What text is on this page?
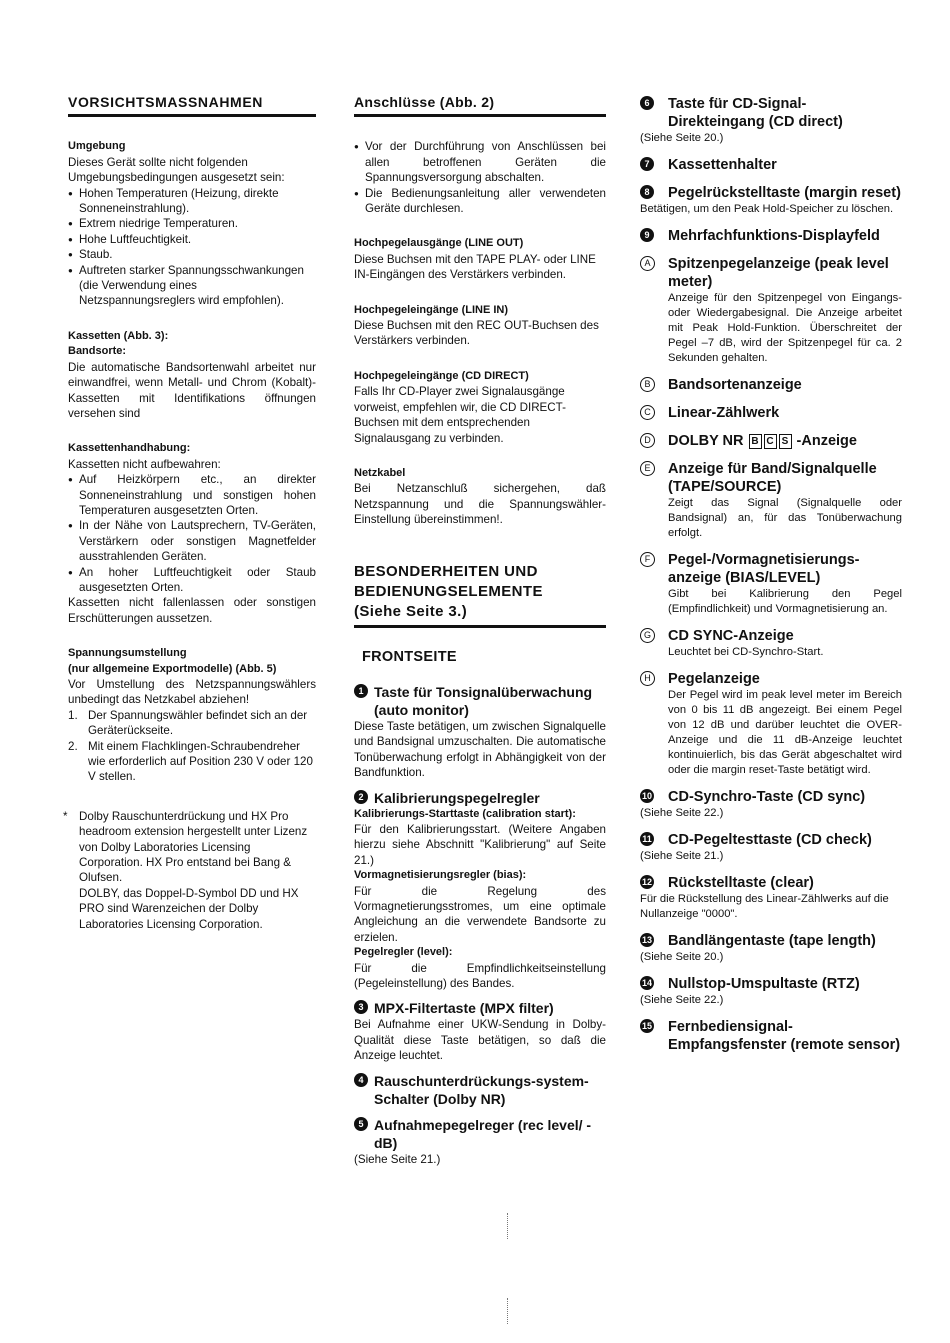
VORSICHTSMASSNAHMEN

Umgebung

Dieses Gerät sollte nicht folgenden Umgebungsbedingungen ausgesetzt sein:

● Hohen Temperaturen (Heizung, direkte Sonneneinstrahlung).
● Extrem niedrige Temperaturen.
● Hohe Luftfeuchtigkeit.
● Staub.
● Auftreten starker Spannungsschwankungen (die Verwendung eines Netzspannungsreglers wird empfohlen).

Kassetten (Abb. 3):

Bandsorte:

Die automatische Bandsortenwahl arbeitet nur einwandfrei, wenn Metall- und Chrom (Kobalt)-Kassetten mit Identifikations öffnungen versehen sind

Kassettenhandhabung:

Kassetten nicht aufbewahren:

● Auf Heizkörpern etc., an direkter Sonneneinstrahlung und sonstigen hohen Temperaturen ausgesetzten Orten.
● In der Nähe von Lautsprechern, TV-Geräten, Verstärkern oder sonstigen Magnetfelder ausstrahlenden Geräten.
● An hoher Luftfeuchtigkeit oder Staub ausgesetzten Orten.

Kassetten nicht fallenlassen oder sonstigen Erschütterungen aussetzen.

Spannungsumstellung

(nur allgemeine Exportmodelle) (Abb. 5)

Vor Umstellung des Netzspannungswählers unbedingt das Netzkabel abziehen!

1. Der Spannungswähler befindet sich an der Geräterückseite.
2. Mit einem Flachklingen-Schraubendreher wie erforderlich auf Position 230 V oder 120 V stellen.
* Dolby Rauschunterdrückung und HX Pro headroom extension hergestellt unter Lizenz von Dolby Laboratories Licensing Corporation. HX Pro entstand bei Bang & Olufsen.

DOLBY, das Doppel-D-Symbol DD und HX PRO sind Warenzeichen der Dolby Laboratories Licensing Corporation.

Anschlüsse (Abb. 2)
● Vor der Durchführung von Anschlüssen bei allen betroffenen Geräten die Spannungsversorgung abschalten.
● Die Bedienungsanleitung aller verwendeten Geräte durchlesen.

Hochpegelausgänge (LINE OUT)

Diese Buchsen mit den TAPE PLAY- oder LINE IN-Eingängen des Verstärkers verbinden.

Hochpegeleingänge (LINE IN)

Diese Buchsen mit den REC OUT-Buchsen des Verstärkers verbinden.

Hochpegeleingänge (CD DIRECT)

Falls Ihr CD-Player zwei Signalausgänge vorweist, empfehlen wir, die CD DIRECT-Buchsen mit dem entsprechenden Signalausgang zu verbinden.

Netzkabel

Bei Netzanschluß sichergehen, daß Netzspannung und die Spannungswähler-Einstellung übereinstimmen!.

BESONDERHEITEN UND
BEDIENUNGSELEMENTE
(Siehe Seite 3.)
FRONTSEITE
1 Taste für Tonsignalüberwachung (auto monitor)

Diese Taste betätigen, um zwischen Signalquelle und Bandsignal umzuschalten. Die automatische Tonüberwachung erfolgt in Abhängigkeit von der Bandfunktion.

2 Kalibrierungspegelregler

Kalibrierungs-Starttaste (calibration start):

Für den Kalibrierungsstart. (Weitere Angaben hierzu siehe Abschnitt "Kalibrierung" auf Seite 21.)

Vormagnetisierungsregler (bias):

Für die Regelung des Vormagnetierungsstromes, um eine optimale Angleichung an die verwendete Bandsorte zu erzielen.

Pegelregler (level):

Für die Empfindlichkeitseinstellung (Pegeleinstellung) des Bandes.

3 MPX-Filtertaste (MPX filter)

Bei Aufnahme einer UKW-Sendung in Dolby-Qualität diese Taste betätigen, so daß die Anzeige leuchtet.

4 Rauschunterdrückungs-system-Schalter (Dolby NR)
5 Aufnahmepegelreger (rec level/ -dB)

(Siehe Seite 21.)

6	Taste für CD-Signal-Direkteingang (CD direct)

(Siehe Seite 20.)

7	Kassettenhalter
8	Pegelrückstelltaste (margin reset)

Betätigen, um den Peak Hold-Speicher zu löschen.

9	Mehrfachfunktions-Displayfeld
A	Spitzenpegelanzeige (peak level meter)

Anzeige für den Spitzenpegel von Eingangs- oder Wiedergabesignal. Die Anzeige arbeitet mit Peak Hold-Funktion. Überschreitet der Pegel –7 dB, wird der Spitzenpegel für ca. 2 Sekunden gehalten.

B	Bandsortenanzeige
C Linear-Zählwerk
D DOLBY NR B C S -Anzeige
E	Anzeige für Band/Signalquelle (TAPE/SOURCE)

Zeigt das Signal (Signalquelle oder Bandsignal) an, für das Tonüberwachung erfolgt.

F	Pegel-/Vormagnetisierungs-anzeige (BIAS/LEVEL)

Gibt bei Kalibrierung den Pegel (Empfindlichkeit) und Vormagnetisierung an.

G CD SYNC-Anzeige

Leuchtet bei CD-Synchro-Start.

H Pegelanzeige

Der Pegel wird im peak level meter im Bereich von 0 bis 11 dB angezeigt. Bei einem Pegel von 12 dB und darüber leuchtet die OVER-Anzeige und die 11 dB-Anzeige leuchtet kontinuierlich, bis das Gerät abgeschaltet wird oder die margin reset-Taste betätigt wird.

10 CD-Synchro-Taste (CD sync)

(Siehe Seite 22.)

11 CD-Pegeltesttaste (CD check)

(Siehe Seite 21.)

12 Rückstelltaste (clear)

Für die Rückstellung des Linear-Zählwerks auf die Nullanzeige "0000".

13 Bandlängentaste (tape length)

(Siehe Seite 20.)

14 Nullstop-Umspultaste (RTZ)

(Siehe Seite 22.)

15 Fernbediensignal-Empfangsfenster (remote sensor)
